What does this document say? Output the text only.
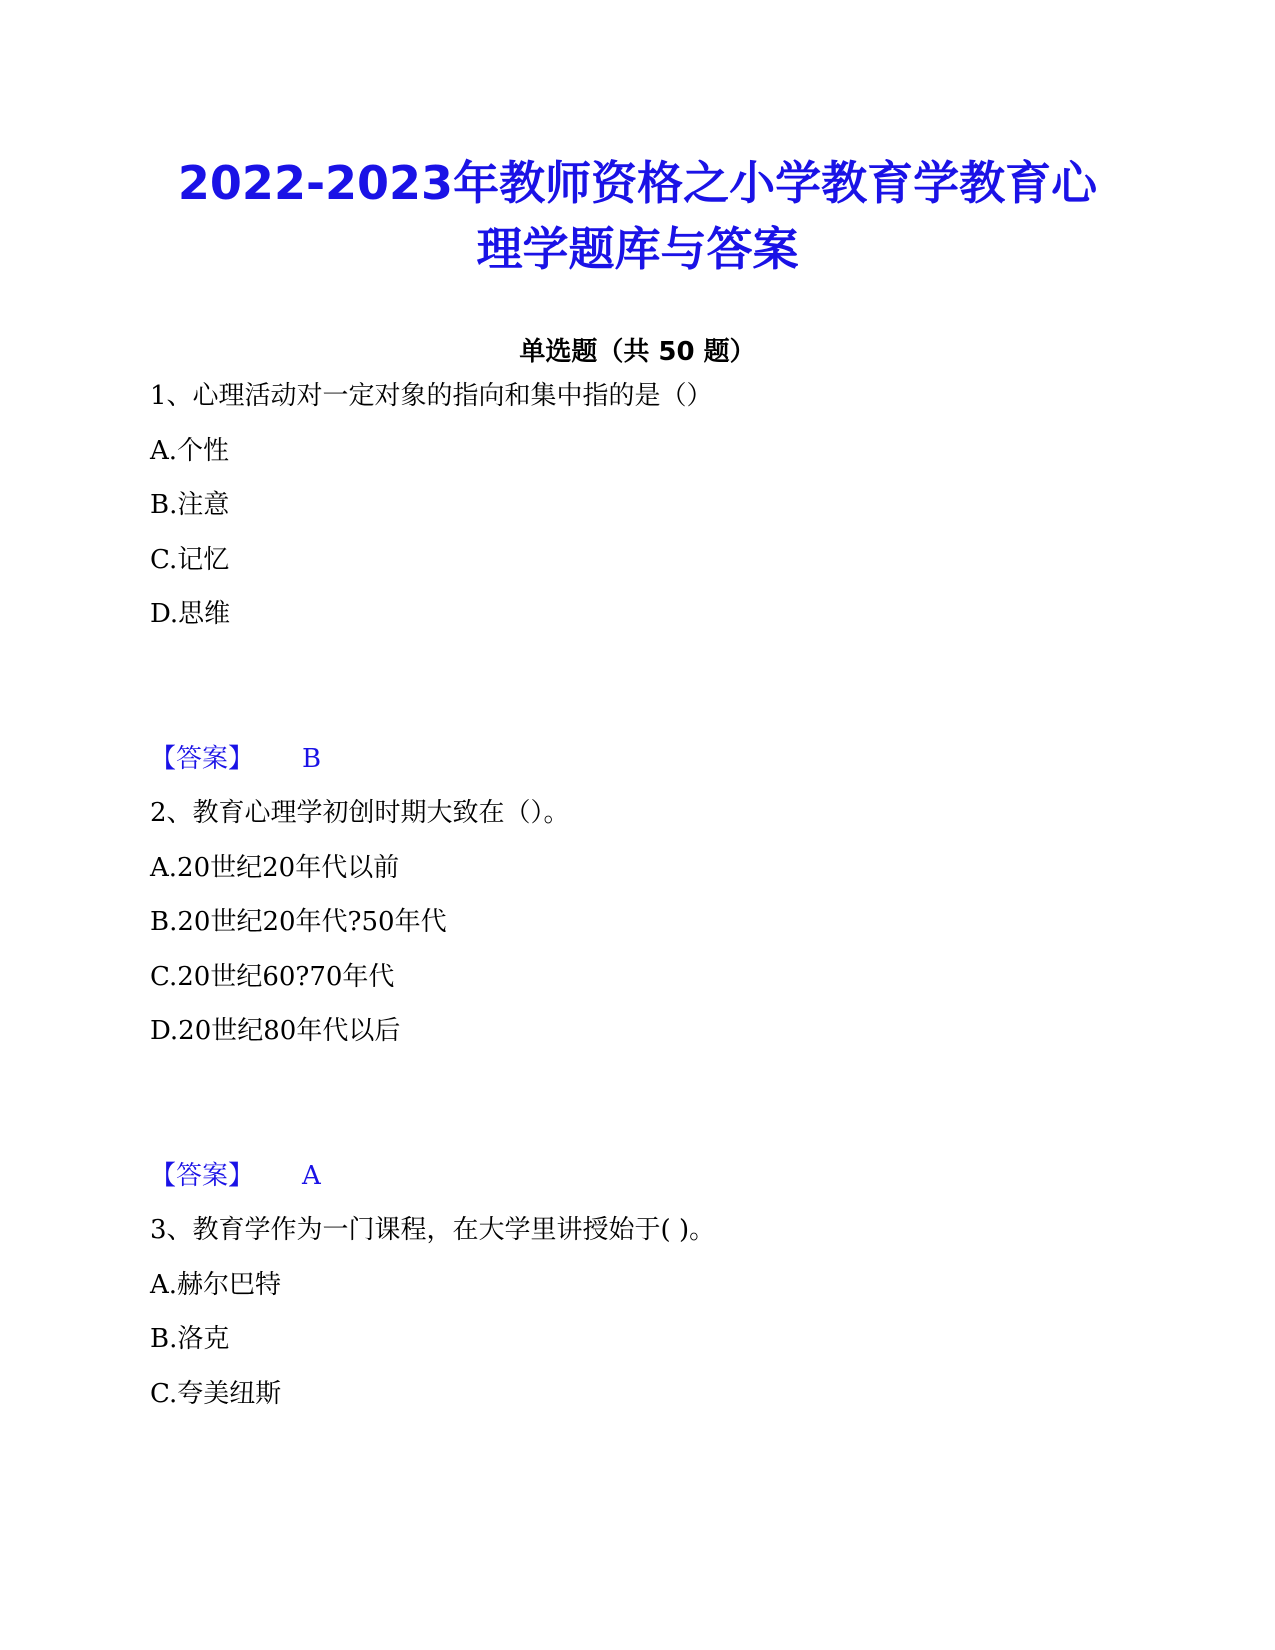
2022-2023年教师资格之小学教育学教育心
理学题库与答案
单选题（共 50 题）
1、心理活动对一定对象的指向和集中指的是（）
A.个性
B.注意
C.记忆
D.思维
【答案】 B
2、教育心理学初创时期大致在（）。
A.20世纪20年代以前
B.20世纪20年代?50年代
C.20世纪60?70年代
D.20世纪80年代以后
【答案】 A
3、教育学作为一门课程，在大学里讲授始于( )。
A.赫尔巴特
B.洛克
C.夸美纽斯
